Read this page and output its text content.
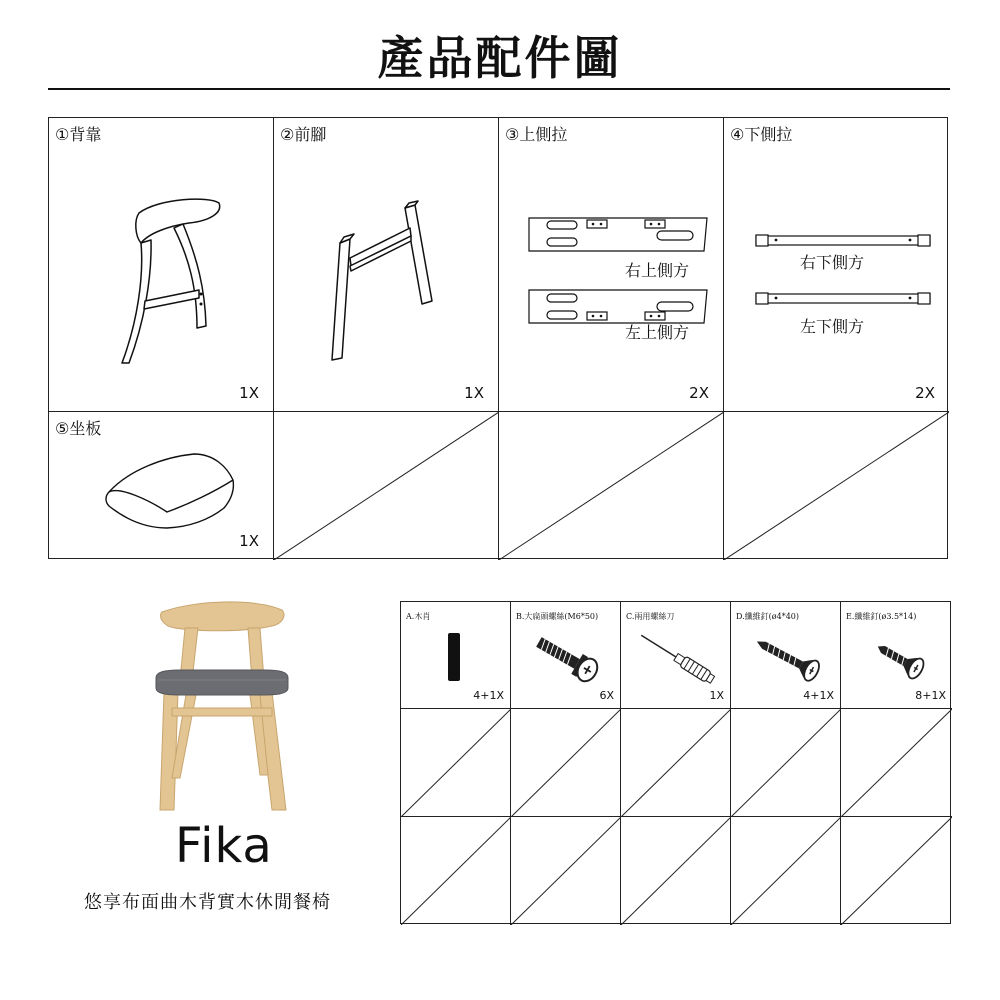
產品配件圖
①背靠
1X
②前腳
1X
③上側拉
右上側方
左上側方
2X
④下側拉
右下側方
左下側方
2X
⑤坐板
1X
Fika
悠享布面曲木背實木休閒餐椅
A.木肖
4+1X
B.大扁頭螺絲(M6*50)
6X
C.兩用螺絲刀
1X
D.纖維釘(ø4*40)
4+1X
E.纖維釘(ø3.5*14)
8+1X
